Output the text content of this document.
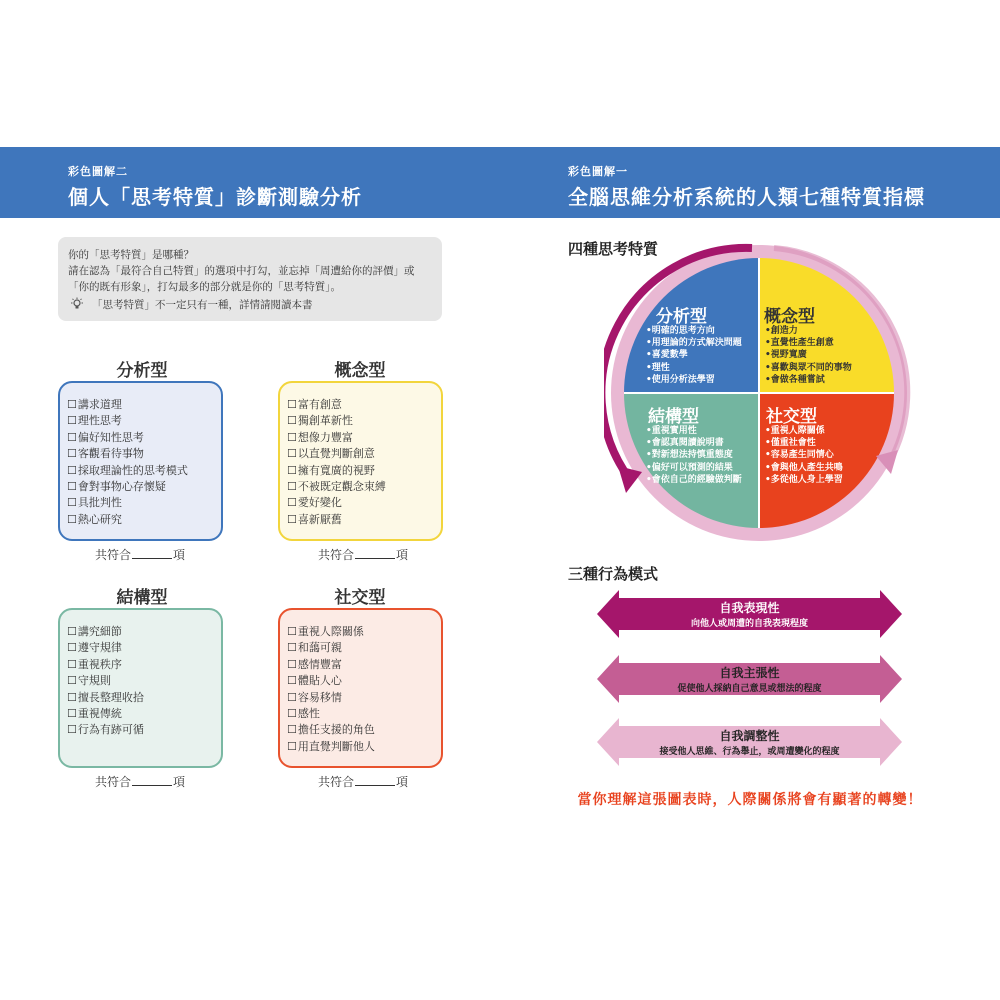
彩色圖解二
個人「思考特質」診斷測驗分析
彩色圖解一
全腦思維分析系統的人類七種特質指標
你的「思考特質」是哪種？
請在認為「最符合自己特質」的選項中打勾，並忘掉「周遭給你的評價」或
「你的既有形象」，打勾最多的部分就是你的「思考特質」。
「思考特質」不一定只有一種，詳情請閱讀本書
分析型
☐ 講求道理
☐ 理性思考
☐ 偏好知性思考
☐ 客觀看待事物
☐ 採取理論性的思考模式
☐ 會對事物心存懷疑
☐ 具批判性
☐ 熱心研究
共符合	項
概念型
☐ 富有創意
☐ 獨創革新性
☐ 想像力豐富
☐ 以直覺判斷創意
☐ 擁有寬廣的視野
☐ 不被既定觀念束縛
☐ 愛好變化
☐ 喜新厭舊
共符合	項
結構型
☐ 講究細節
☐ 遵守規律
☐ 重視秩序
☐ 守規則
☐ 擅長整理收拾
☐ 重視傳統
☐ 行為有跡可循
共符合	項
社交型
☐ 重視人際關係
☐ 和藹可親
☐ 感情豐富
☐ 體貼人心
☐ 容易移情
☐ 感性
☐ 擔任支援的角色
☐ 用直覺判斷他人
共符合	項
四種思考特質
分析型
•明確的思考方向
•用理論的方式解決問題
•喜愛數學
•理性
•使用分析法學習
概念型
•創造力
•直覺性產生創意
•視野寬廣
•喜歡與眾不同的事物
•會做各種嘗試
結構型
•重視實用性
•會認真閱讀說明書
•對新想法持慎重態度
•偏好可以預測的結果
•會依自己的經驗做判斷
社交型
•重視人際關係
•僅重社會性
•容易產生同情心
•會與他人產生共鳴
•多從他人身上學習
三種行為模式
自我表現性
向他人或周遭的自我表現程度
自我主張性
促使他人採納自己意見或想法的程度
自我調整性
接受他人思維、行為舉止，或周遭變化的程度
當你理解這張圖表時，人際關係將會有顯著的轉變！
